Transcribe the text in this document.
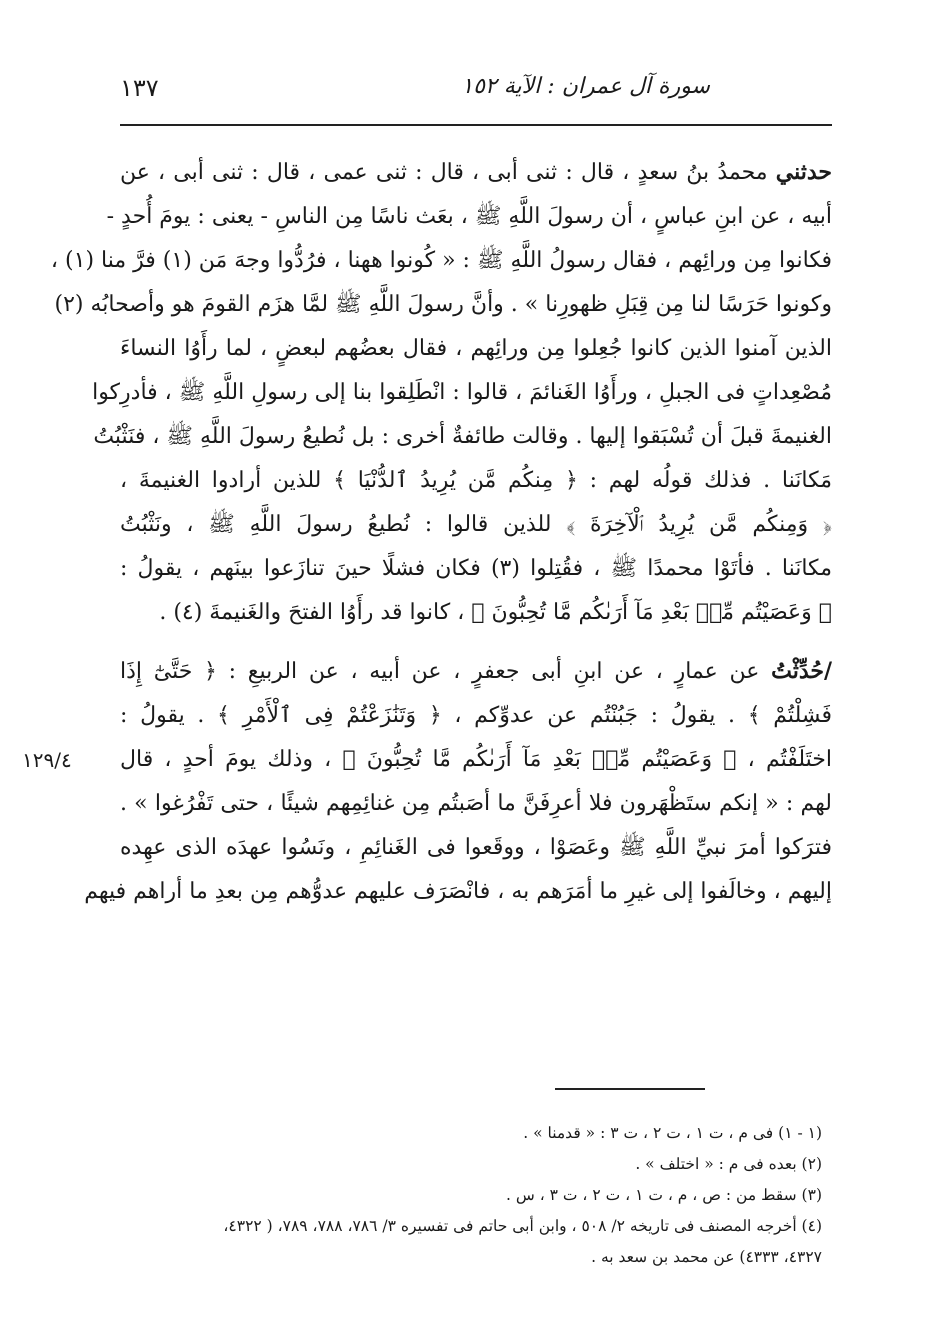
سورة آل عمران : الآية ١٥٢
١٣٧
حدثني محمدُ بنُ سعدٍ ، قال : ثنى أبى ، قال : ثنى عمى ، قال : ثنى أبى ، عن
أبيه ، عن ابنِ عباسٍ ، أن رسولَ اللَّهِ ﷺ ، بعَث ناسًا مِن الناسِ - يعنى : يومَ أُحدٍ -
فكانوا مِن ورائِهم ، فقال رسولُ اللَّهِ ﷺ : « كُونوا ههنا ، فرُدُّوا وجهَ مَن (١) فرَّ منا (١) ،
وكونوا حَرَسًا لنا مِن قِبَلِ ظهورِنا » . وأنَّ رسولَ اللَّهِ ﷺ لمَّا هزَم القومَ هو وأصحابُه (٢)
الذين آمنوا الذين كانوا جُعِلوا مِن ورائِهم ، فقال بعضُهم لبعضٍ ، لما رأَوُا النساءَ
مُصْعِداتٍ فى الجبلِ ، ورأَوُا الغَنائمَ ، قالوا : انْطَلِقوا بنا إلى رسولِ اللَّهِ ﷺ ، فأدرِكوا
الغنيمةَ قبلَ أن تُسْبَقوا إليها . وقالت طائفةٌ أخرى : بل نُطيعُ رسولَ اللَّهِ ﷺ ، فنَثْبُتُ
مَكانَنا . فذلك قولُه لهم : ﴿ مِنكُم مَّن يُرِيدُ ٱلدُّنْيَا ﴾ للذين أرادوا الغنيمةَ ،
﴿ وَمِنكُم مَّن يُرِيدُ ٱلْآخِرَةَ ﴾ للذين قالوا : نُطيعُ رسولَ اللَّهِ ﷺ ، ونَثْبُتُ
مكانَنا . فأتَوْا محمدًا ﷺ ، فقُتِلوا (٣) فكان فشلًا حينَ تنازَعوا بينَهم ، يقولُ :
﴿ وَعَصَيْتُم مِّنۢ بَعْدِ مَآ أَرَىٰكُم مَّا تُحِبُّونَ ﴾ ، كانوا قد رأَوُا الفتحَ والغَنيمةَ (٤) .
/حُدِّثْتُ عن عمارٍ ، عن ابنِ أبى جعفرٍ ، عن أبيه ، عن الربيعِ : ﴿ حَتَّىٰٓ إِذَا
فَشِلْتُمْ ﴾ . يقولُ : جَبُنْتُم عن عدوِّكم ، ﴿ وَتَنَٰزَعْتُمْ فِى ٱلْأَمْرِ ﴾ . يقولُ :
اختَلَفْتُم ، ﴿ وَعَصَيْتُم مِّنۢ بَعْدِ مَآ أَرَىٰكُم مَّا تُحِبُّونَ ﴾ ، وذلك يومَ أحدٍ ، قال
لهم : « إنكم ستَظْهَرون فلا أعرِفَنَّ ما أصَبتُم مِن غنائِمِهم شيئًا ، حتى تَفْرُغوا » .
فترَكوا أمرَ نبيِّ اللَّهِ ﷺ وعَصَوْا ، ووقَعوا فى الغَنائِمِ ، ونَسُوا عهدَه الذى عهِده
إليهم ، وخالَفوا إلى غيرِ ما أمَرَهم به ، فانْصَرَف عليهم عدوُّهم مِن بعدِ ما أراهم فيهم
١٢٩/٤
(١ - ١) فى م ، ت ١ ، ت ٢ ، ت ٣ : « قدمنا » .
(٢) بعده فى م : « اختلف » .
(٣) سقط من : ص ، م ، ت ١ ، ت ٢ ، ت ٣ ، س .
(٤) أخرجه المصنف فى تاريخه ٢/ ٥٠٨ ، وابن أبى حاتم فى تفسيره ٣/ ٧٨٦، ٧٨٨، ٧٨٩، ( ٤٣٢٢،
٤٣٢٧، ٤٣٣٣) عن محمد بن سعد به .
